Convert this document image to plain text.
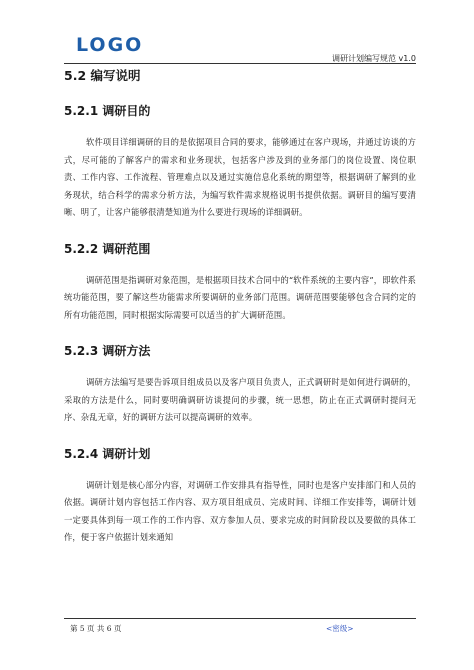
LOGO
调研计划编写规范 v1.0
5.2 编写说明
5.2.1 调研目的

软件项目详细调研的目的是依据项目合同的要求，能够通过在客户现场，并通过访谈的方式，尽可能的了解客户的需求和业务现状，包括客户涉及到的业务部门的岗位设置、岗位职责、工作内容、工作流程、管理难点以及通过实施信息化系统的期望等，根据调研了解到的业务现状，结合科学的需求分析方法，为编写软件需求规格说明书提供依据。调研目的编写要清晰、明了，让客户能够很清楚知道为什么要进行现场的详细调研。

5.2.2 调研范围

调研范围是指调研对象范围，是根据项目技术合同中的“软件系统的主要内容”，即软件系统功能范围，要了解这些功能需求所要调研的业务部门范围。调研范围要能够包含合同约定的所有功能范围，同时根据实际需要可以适当的扩大调研范围。

5.2.3 调研方法

调研方法编写是要告诉项目组成员以及客户项目负责人，正式调研时是如何进行调研的，采取的方法是什么，同时要明确调研访谈提问的步骤，统一思想，防止在正式调研时提问无序、杂乱无章，好的调研方法可以提高调研的效率。

5.2.4 调研计划

调研计划是核心部分内容，对调研工作安排具有指导性，同时也是客户安排部门和人员的依据。调研计划内容包括工作内容、双方项目组成员、完成时间、详细工作安排等，调研计划一定要具体到每一项工作的工作内容、双方参加人员、要求完成的时间阶段以及要做的具体工作，便于客户依据计划来通知

第 5 页 共 6 页	<密级>
